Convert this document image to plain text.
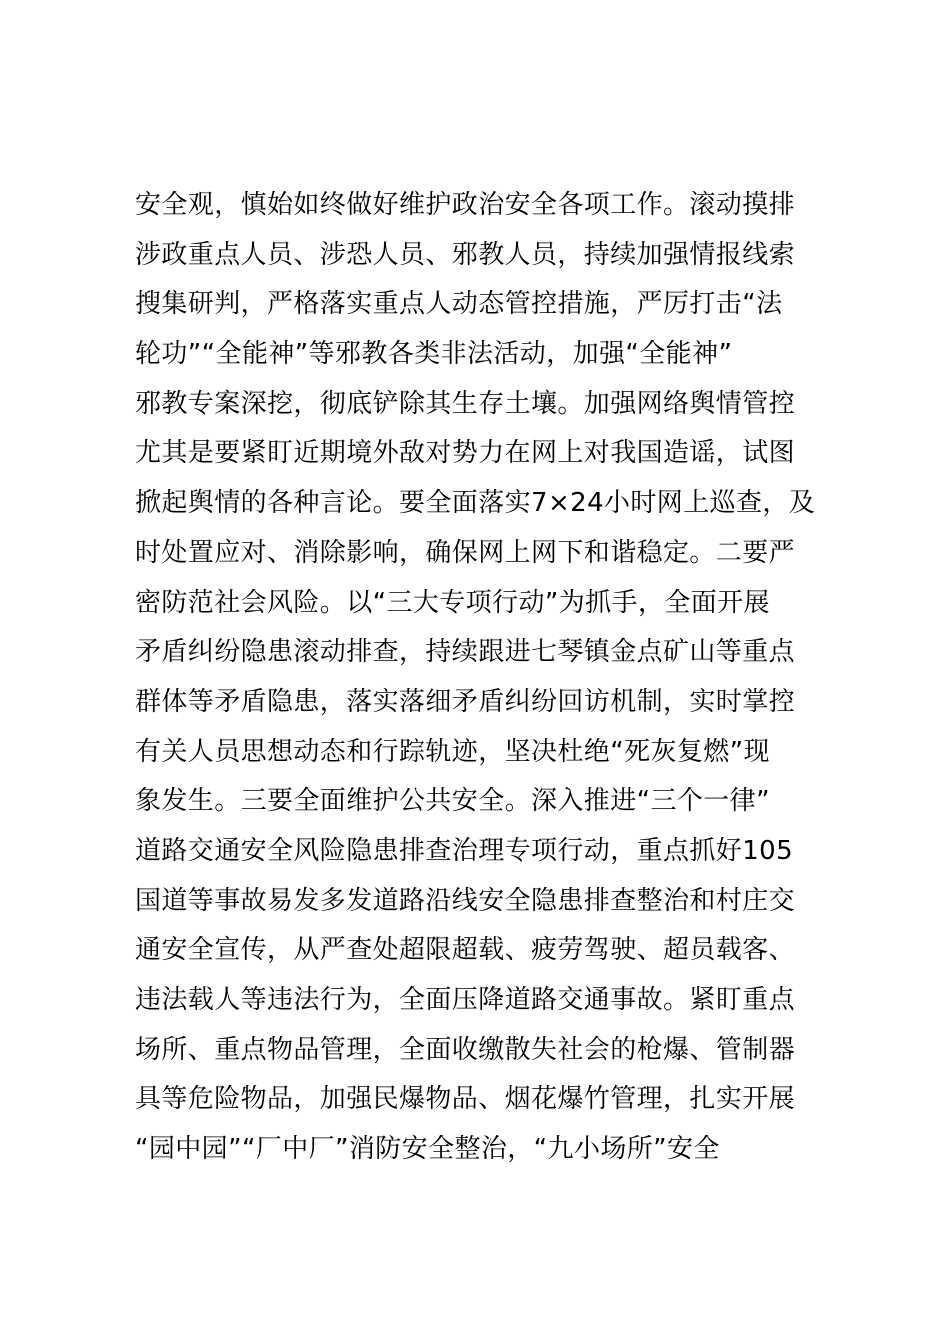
安全观，慎始如终做好维护政治安全各项工作。滚动摸排
涉政重点人员、涉恐人员、邪教人员，持续加强情报线索
搜集研判，严格落实重点人动态管控措施，严厉打击“法
轮功”“全能神”等邪教各类非法活动，加强“全能神”
邪教专案深挖，彻底铲除其生存土壤。加强网络舆情管控
尤其是要紧盯近期境外敌对势力在网上对我国造谣，试图
掀起舆情的各种言论。要全面落实7×24小时网上巡查，及
时处置应对、消除影响，确保网上网下和谐稳定。二要严
密防范社会风险。以“三大专项行动”为抓手，全面开展
矛盾纠纷隐患滚动排查，持续跟进七琴镇金点矿山等重点
群体等矛盾隐患，落实落细矛盾纠纷回访机制，实时掌控
有关人员思想动态和行踪轨迹，坚决杜绝“死灰复燃”现
象发生。三要全面维护公共安全。深入推进“三个一律”
道路交通安全风险隐患排查治理专项行动，重点抓好105
国道等事故易发多发道路沿线安全隐患排查整治和村庄交
通安全宣传，从严查处超限超载、疲劳驾驶、超员载客、
违法载人等违法行为，全面压降道路交通事故。紧盯重点
场所、重点物品管理，全面收缴散失社会的枪爆、管制器
具等危险物品，加强民爆物品、烟花爆竹管理，扎实开展
“园中园”“厂中厂”消防安全整治，“九小场所”安全
